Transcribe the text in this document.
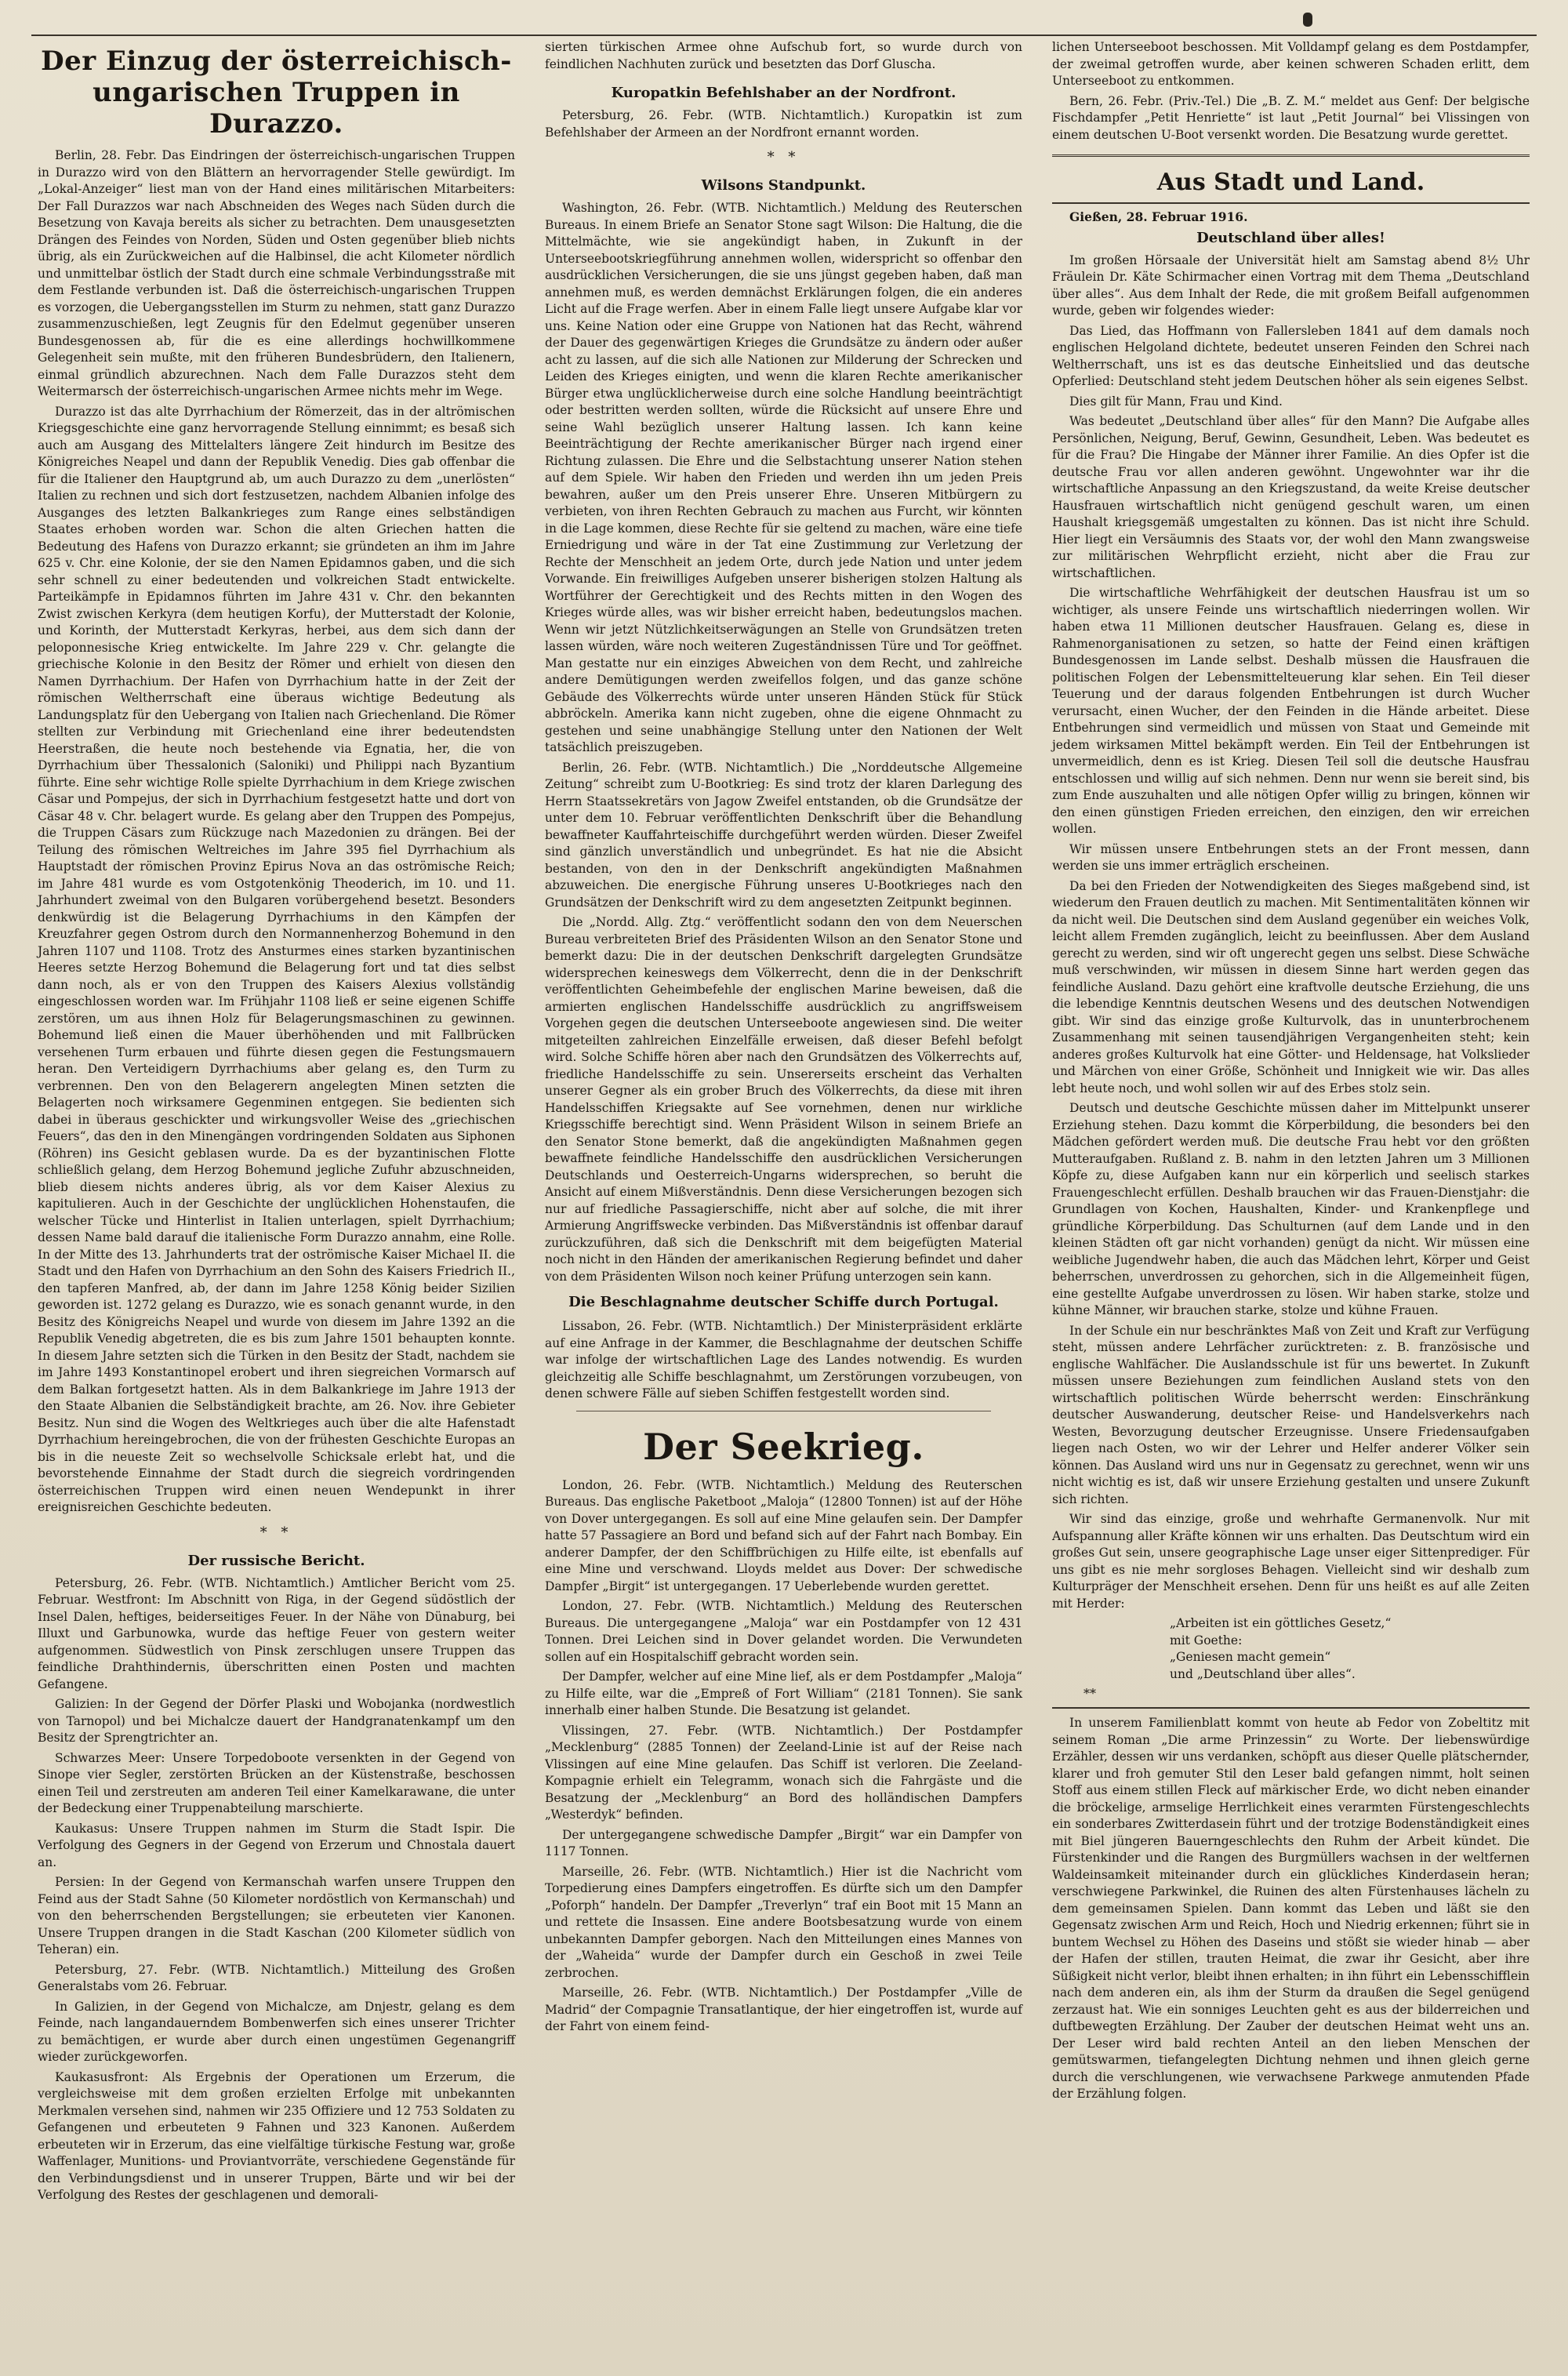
Der Einzug der österreichisch-ungarischen Truppen in Durazzo.

Berlin, 28. Febr. Das Eindringen der österreichisch-ungarischen Truppen in Durazzo wird von den Blättern an hervorragender Stelle gewürdigt. Im „Lokal-Anzeiger“ liest man von der Hand eines militärischen Mitarbeiters: Der Fall Durazzos war nach Abschneiden des Weges nach Süden durch die Besetzung von Kavaja bereits als sicher zu betrachten. Dem unausgesetzten Drängen des Feindes von Norden, Süden und Osten gegenüber blieb nichts übrig, als ein Zurückweichen auf die Halbinsel, die acht Kilometer nördlich und unmittelbar östlich der Stadt durch eine schmale Verbindungsstraße mit dem Festlande verbunden ist. Daß die österreichisch-ungarischen Truppen es vorzogen, die Uebergangsstellen im Sturm zu nehmen, statt ganz Durazzo zusammenzuschießen, legt Zeugnis für den Edelmut gegenüber unseren Bundesgenossen ab, für die es eine allerdings hochwillkommene Gelegenheit sein mußte, mit den früheren Bundesbrüdern, den Italienern, einmal gründlich abzurechnen. Nach dem Falle Durazzos steht dem Weitermarsch der österreichisch-ungarischen Armee nichts mehr im Wege.

Durazzo ist das alte Dyrrhachium der Römerzeit, das in der altrömischen Kriegsgeschichte eine ganz hervorragende Stellung einnimmt; es besaß sich auch am Ausgang des Mittelalters längere Zeit hindurch im Besitze des Königreiches Neapel und dann der Republik Venedig. Dies gab offenbar die für die Italiener den Hauptgrund ab, um auch Durazzo zu dem „unerlösten“ Italien zu rechnen und sich dort festzusetzen, nachdem Albanien infolge des Ausganges des letzten Balkankrieges zum Range eines selbständigen Staates erhoben worden war. Schon die alten Griechen hatten die Bedeutung des Hafens von Durazzo erkannt; sie gründeten an ihm im Jahre 625 v. Chr. eine Kolonie, der sie den Namen Epidamnos gaben, und die sich sehr schnell zu einer bedeutenden und volkreichen Stadt entwickelte. Parteikämpfe in Epidamnos führten im Jahre 431 v. Chr. den bekannten Zwist zwischen Kerkyra (dem heutigen Korfu), der Mutterstadt der Kolonie, und Korinth, der Mutterstadt Kerkyras, herbei, aus dem sich dann der peloponnesische Krieg entwickelte. Im Jahre 229 v. Chr. gelangte die griechische Kolonie in den Besitz der Römer und erhielt von diesen den Namen Dyrrhachium. Der Hafen von Dyrrhachium hatte in der Zeit der römischen Weltherrschaft eine überaus wichtige Bedeutung als Landungsplatz für den Uebergang von Italien nach Griechenland. Die Römer stellten zur Verbindung mit Griechenland eine ihrer bedeutendsten Heerstraßen, die heute noch bestehende via Egnatia, her, die von Dyrrhachium über Thessalonich (Saloniki) und Philippi nach Byzantium führte. Eine sehr wichtige Rolle spielte Dyrrhachium in dem Kriege zwischen Cäsar und Pompejus, der sich in Dyrrhachium festgesetzt hatte und dort von Cäsar 48 v. Chr. belagert wurde. Es gelang aber den Truppen des Pompejus, die Truppen Cäsars zum Rückzuge nach Mazedonien zu drängen. Bei der Teilung des römischen Weltreiches im Jahre 395 fiel Dyrrhachium als Hauptstadt der römischen Provinz Epirus Nova an das oströmische Reich; im Jahre 481 wurde es vom Ostgotenkönig Theoderich, im 10. und 11. Jahrhundert zweimal von den Bulgaren vorübergehend besetzt. Besonders denkwürdig ist die Belagerung Dyrrhachiums in den Kämpfen der Kreuzfahrer gegen Ostrom durch den Normannenherzog Bohemund in den Jahren 1107 und 1108. Trotz des Ansturmes eines starken byzantinischen Heeres setzte Herzog Bohemund die Belagerung fort und tat dies selbst dann noch, als er von den Truppen des Kaisers Alexius vollständig eingeschlossen worden war. Im Frühjahr 1108 ließ er seine eigenen Schiffe zerstören, um aus ihnen Holz für Belagerungsmaschinen zu gewinnen. Bohemund ließ einen die Mauer überhöhenden und mit Fallbrücken versehenen Turm erbauen und führte diesen gegen die Festungsmauern heran. Den Verteidigern Dyrrhachiums aber gelang es, den Turm zu verbrennen. Den von den Belagerern angelegten Minen setzten die Belagerten noch wirksamere Gegenminen entgegen. Sie bedienten sich dabei in überaus geschickter und wirkungsvoller Weise des „griechischen Feuers“, das den in den Minengängen vordringenden Soldaten aus Siphonen (Röhren) ins Gesicht geblasen wurde. Da es der byzantinischen Flotte schließlich gelang, dem Herzog Bohemund jegliche Zufuhr abzuschneiden, blieb diesem nichts anderes übrig, als vor dem Kaiser Alexius zu kapitulieren. Auch in der Geschichte der unglücklichen Hohenstaufen, die welscher Tücke und Hinterlist in Italien unterlagen, spielt Dyrrhachium; dessen Name bald darauf die italienische Form Durazzo annahm, eine Rolle. In der Mitte des 13. Jahrhunderts trat der oströmische Kaiser Michael II. die Stadt und den Hafen von Dyrrhachium an den Sohn des Kaisers Friedrich II., den tapferen Manfred, ab, der dann im Jahre 1258 König beider Sizilien geworden ist. 1272 gelang es Durazzo, wie es sonach genannt wurde, in den Besitz des Königreichs Neapel und wurde von diesem im Jahre 1392 an die Republik Venedig abgetreten, die es bis zum Jahre 1501 behaupten konnte. In diesem Jahre setzten sich die Türken in den Besitz der Stadt, nachdem sie im Jahre 1493 Konstantinopel erobert und ihren siegreichen Vormarsch auf dem Balkan fortgesetzt hatten. Als in dem Balkankriege im Jahre 1913 der den Staate Albanien die Selbständigkeit brachte, am 26. Nov. ihre Gebieter Besitz. Nun sind die Wogen des Weltkrieges auch über die alte Hafenstadt Dyrrhachium hereingebrochen, die von der frühesten Geschichte Europas an bis in die neueste Zeit so wechselvolle Schicksale erlebt hat, und die bevorstehende Einnahme der Stadt durch die siegreich vordringenden österreichischen Truppen wird einen neuen Wendepunkt in ihrer ereignisreichen Geschichte bedeuten.

* *
Der russische Bericht.

Petersburg, 26. Febr. (WTB. Nichtamtlich.) Amtlicher Bericht vom 25. Februar. Westfront: Im Abschnitt von Riga, in der Gegend südöstlich der Insel Dalen, heftiges, beiderseitiges Feuer. In der Nähe von Dünaburg, bei Illuxt und Garbunowka, wurde das heftige Feuer von gestern weiter aufgenommen. Südwestlich von Pinsk zerschlugen unsere Truppen das feindliche Drahthindernis, überschritten einen Posten und machten Gefangene.

Galizien: In der Gegend der Dörfer Plaski und Wobojanka (nordwestlich von Tarnopol) und bei Michalcze dauert der Handgranatenkampf um den Besitz der Sprengtrichter an.

Schwarzes Meer: Unsere Torpedoboote versenkten in der Gegend von Sinope vier Segler, zerstörten Brücken an der Küstenstraße, beschossen einen Teil und zerstreuten am anderen Teil einer Kamelkarawane, die unter der Bedeckung einer Truppenabteilung marschierte.

Kaukasus: Unsere Truppen nahmen im Sturm die Stadt Ispir. Die Verfolgung des Gegners in der Gegend von Erzerum und Chnostala dauert an.

Persien: In der Gegend von Kermanschah warfen unsere Truppen den Feind aus der Stadt Sahne (50 Kilometer nordöstlich von Kermanschah) und von den beherrschenden Bergstellungen; sie erbeuteten vier Kanonen. Unsere Truppen drangen in die Stadt Kaschan (200 Kilometer südlich von Teheran) ein.

Petersburg, 27. Febr. (WTB. Nichtamtlich.) Mitteilung des Großen Generalstabs vom 26. Februar.

In Galizien, in der Gegend von Michalcze, am Dnjestr, gelang es dem Feinde, nach langandauerndem Bombenwerfen sich eines unserer Trichter zu bemächtigen, er wurde aber durch einen ungestümen Gegenangriff wieder zurückgeworfen.

Kaukasusfront: Als Ergebnis der Operationen um Erzerum, die vergleichsweise mit dem großen erzielten Erfolge mit unbekannten Merkmalen versehen sind, nahmen wir 235 Offiziere und 12 753 Soldaten zu Gefangenen und erbeuteten 9 Fahnen und 323 Kanonen. Außerdem erbeuteten wir in Erzerum, das eine vielfältige türkische Festung war, große Waffenlager, Munitions- und Proviantvorräte, verschiedene Gegenstände für den Verbindungsdienst und in unserer Truppen, Bärte und wir bei der Verfolgung des Restes der geschlagenen und demorali-

sierten türkischen Armee ohne Aufschub fort, so wurde durch von feindlichen Nachhuten zurück und besetzten das Dorf Gluscha.

Kuropatkin Befehlshaber an der Nordfront.

Petersburg, 26. Febr. (WTB. Nichtamtlich.) Kuropatkin ist zum Befehlshaber der Armeen an der Nordfront ernannt worden.

* *
Wilsons Standpunkt.

Washington, 26. Febr. (WTB. Nichtamtlich.) Meldung des Reuterschen Bureaus. In einem Briefe an Senator Stone sagt Wilson: Die Haltung, die die Mittelmächte, wie sie angekündigt haben, in Zukunft in der Unterseebootskriegführung annehmen wollen, widerspricht so offenbar den ausdrücklichen Versicherungen, die sie uns jüngst gegeben haben, daß man annehmen muß, es werden demnächst Erklärungen folgen, die ein anderes Licht auf die Frage werfen. Aber in einem Falle liegt unsere Aufgabe klar vor uns. Keine Nation oder eine Gruppe von Nationen hat das Recht, während der Dauer des gegenwärtigen Krieges die Grundsätze zu ändern oder außer acht zu lassen, auf die sich alle Nationen zur Milderung der Schrecken und Leiden des Krieges einigten, und wenn die klaren Rechte amerikanischer Bürger etwa unglücklicherweise durch eine solche Handlung beeinträchtigt oder bestritten werden sollten, würde die Rücksicht auf unsere Ehre und seine Wahl bezüglich unserer Haltung lassen. Ich kann keine Beeinträchtigung der Rechte amerikanischer Bürger nach irgend einer Richtung zulassen. Die Ehre und die Selbstachtung unserer Nation stehen auf dem Spiele. Wir haben den Frieden und werden ihn um jeden Preis bewahren, außer um den Preis unserer Ehre. Unseren Mitbürgern zu verbieten, von ihren Rechten Gebrauch zu machen aus Furcht, wir könnten in die Lage kommen, diese Rechte für sie geltend zu machen, wäre eine tiefe Erniedrigung und wäre in der Tat eine Zustimmung zur Verletzung der Rechte der Menschheit an jedem Orte, durch jede Nation und unter jedem Vorwande. Ein freiwilliges Aufgeben unserer bisherigen stolzen Haltung als Wortführer der Gerechtigkeit und des Rechts mitten in den Wogen des Krieges würde alles, was wir bisher erreicht haben, bedeutungslos machen. Wenn wir jetzt Nützlichkeitserwägungen an Stelle von Grundsätzen treten lassen würden, wäre noch weiteren Zugeständnissen Türe und Tor geöffnet. Man gestatte nur ein einziges Abweichen von dem Recht, und zahlreiche andere Demütigungen werden zweifellos folgen, und das ganze schöne Gebäude des Völkerrechts würde unter unseren Händen Stück für Stück abbröckeln. Amerika kann nicht zugeben, ohne die eigene Ohnmacht zu gestehen und seine unabhängige Stellung unter den Nationen der Welt tatsächlich preiszugeben.

Berlin, 26. Febr. (WTB. Nichtamtlich.) Die „Norddeutsche Allgemeine Zeitung“ schreibt zum U-Bootkrieg: Es sind trotz der klaren Darlegung des Herrn Staatssekretärs von Jagow Zweifel entstanden, ob die Grundsätze der unter dem 10. Februar veröffentlichten Denkschrift über die Behandlung bewaffneter Kauffahrteischiffe durchgeführt werden würden. Dieser Zweifel sind gänzlich unverständlich und unbegründet. Es hat nie die Absicht bestanden, von den in der Denkschrift angekündigten Maßnahmen abzuweichen. Die energische Führung unseres U-Bootkrieges nach den Grundsätzen der Denkschrift wird zu dem angesetzten Zeitpunkt beginnen.

Die „Nordd. Allg. Ztg.“ veröffentlicht sodann den von dem Neuerschen Bureau verbreiteten Brief des Präsidenten Wilson an den Senator Stone und bemerkt dazu: Die in der deutschen Denkschrift dargelegten Grundsätze widersprechen keineswegs dem Völkerrecht, denn die in der Denkschrift veröffentlichten Geheimbefehle der englischen Marine beweisen, daß die armierten englischen Handelsschiffe ausdrücklich zu angriffsweisem Vorgehen gegen die deutschen Unterseeboote angewiesen sind. Die weiter mitgeteilten zahlreichen Einzelfälle erweisen, daß dieser Befehl befolgt wird. Solche Schiffe hören aber nach den Grundsätzen des Völkerrechts auf, friedliche Handelsschiffe zu sein. Unsererseits erscheint das Verhalten unserer Gegner als ein grober Bruch des Völkerrechts, da diese mit ihren Handelsschiffen Kriegsakte auf See vornehmen, denen nur wirkliche Kriegsschiffe berechtigt sind. Wenn Präsident Wilson in seinem Briefe an den Senator Stone bemerkt, daß die angekündigten Maßnahmen gegen bewaffnete feindliche Handelsschiffe den ausdrücklichen Versicherungen Deutschlands und Oesterreich-Ungarns widersprechen, so beruht die Ansicht auf einem Mißverständnis. Denn diese Versicherungen bezogen sich nur auf friedliche Passagierschiffe, nicht aber auf solche, die mit ihrer Armierung Angriffswecke verbinden. Das Mißverständnis ist offenbar darauf zurückzuführen, daß sich die Denkschrift mit dem beigefügten Material noch nicht in den Händen der amerikanischen Regierung befindet und daher von dem Präsidenten Wilson noch keiner Prüfung unterzogen sein kann.

Die Beschlagnahme deutscher Schiffe durch Portugal.

Lissabon, 26. Febr. (WTB. Nichtamtlich.) Der Ministerpräsident erklärte auf eine Anfrage in der Kammer, die Beschlagnahme der deutschen Schiffe war infolge der wirtschaftlichen Lage des Landes notwendig. Es wurden gleichzeitig alle Schiffe beschlagnahmt, um Zerstörungen vorzubeugen, von denen schwere Fälle auf sieben Schiffen festgestellt worden sind.

Der Seekrieg.

London, 26. Febr. (WTB. Nichtamtlich.) Meldung des Reuterschen Bureaus. Das englische Paketboot „Maloja“ (12800 Tonnen) ist auf der Höhe von Dover untergegangen. Es soll auf eine Mine gelaufen sein. Der Dampfer hatte 57 Passagiere an Bord und befand sich auf der Fahrt nach Bombay. Ein anderer Dampfer, der den Schiffbrüchigen zu Hilfe eilte, ist ebenfalls auf eine Mine und verschwand. Lloyds meldet aus Dover: Der schwedische Dampfer „Birgit“ ist untergegangen. 17 Ueberlebende wurden gerettet.

London, 27. Febr. (WTB. Nichtamtlich.) Meldung des Reuterschen Bureaus. Die untergegangene „Maloja“ war ein Postdampfer von 12 431 Tonnen. Drei Leichen sind in Dover gelandet worden. Die Verwundeten sollen auf ein Hospitalschiff gebracht worden sein.

Der Dampfer, welcher auf eine Mine lief, als er dem Postdampfer „Maloja“ zu Hilfe eilte, war die „Empreß of Fort William“ (2181 Tonnen). Sie sank innerhalb einer halben Stunde. Die Besatzung ist gelandet.

Vlissingen, 27. Febr. (WTB. Nichtamtlich.) Der Postdampfer „Mecklenburg“ (2885 Tonnen) der Zeeland-Linie ist auf der Reise nach Vlissingen auf eine Mine gelaufen. Das Schiff ist verloren. Die Zeeland-Kompagnie erhielt ein Telegramm, wonach sich die Fahrgäste und die Besatzung der „Mecklenburg“ an Bord des holländischen Dampfers „Westerdyk“ befinden.

Der untergegangene schwedische Dampfer „Birgit“ war ein Dampfer von 1117 Tonnen.

Marseille, 26. Febr. (WTB. Nichtamtlich.) Hier ist die Nachricht vom Torpedierung eines Dampfers eingetroffen. Es dürfte sich um den Dampfer „Poforph“ handeln. Der Dampfer „Treverlyn“ traf ein Boot mit 15 Mann an und rettete die Insassen. Eine andere Bootsbesatzung wurde von einem unbekannten Dampfer geborgen. Nach den Mitteilungen eines Mannes von der „Waheida“ wurde der Dampfer durch ein Geschoß in zwei Teile zerbrochen.

Marseille, 26. Febr. (WTB. Nichtamtlich.) Der Postdampfer „Ville de Madrid“ der Compagnie Transatlantique, der hier eingetroffen ist, wurde auf der Fahrt von einem feind-

lichen Unterseeboot beschossen. Mit Volldampf gelang es dem Postdampfer, der zweimal getroffen wurde, aber keinen schweren Schaden erlitt, dem Unterseeboot zu entkommen.

Bern, 26. Febr. (Priv.-Tel.) Die „B. Z. M.“ meldet aus Genf: Der belgische Fischdampfer „Petit Henriette“ ist laut „Petit Journal“ bei Vlissingen von einem deutschen U-Boot versenkt worden. Die Besatzung wurde gerettet.

Aus Stadt und Land.

Gießen, 28. Februar 1916.

Deutschland über alles!

Im großen Hörsaale der Universität hielt am Samstag abend 8½ Uhr Fräulein Dr. Käte Schirmacher einen Vortrag mit dem Thema „Deutschland über alles“. Aus dem Inhalt der Rede, die mit großem Beifall aufgenommen wurde, geben wir folgendes wieder:

Das Lied, das Hoffmann von Fallersleben 1841 auf dem damals noch englischen Helgoland dichtete, bedeutet unseren Feinden den Schrei nach Weltherrschaft, uns ist es das deutsche Einheitslied und das deutsche Opferlied: Deutschland steht jedem Deutschen höher als sein eigenes Selbst.

Dies gilt für Mann, Frau und Kind.

Was bedeutet „Deutschland über alles“ für den Mann? Die Aufgabe alles Persönlichen, Neigung, Beruf, Gewinn, Gesundheit, Leben. Was bedeutet es für die Frau? Die Hingabe der Männer ihrer Familie. An dies Opfer ist die deutsche Frau vor allen anderen gewöhnt. Ungewohnter war ihr die wirtschaftliche Anpassung an den Kriegszustand, da weite Kreise deutscher Hausfrauen wirtschaftlich nicht genügend geschult waren, um einen Haushalt kriegsgemäß umgestalten zu können. Das ist nicht ihre Schuld. Hier liegt ein Versäumnis des Staats vor, der wohl den Mann zwangsweise zur militärischen Wehrpflicht erzieht, nicht aber die Frau zur wirtschaftlichen.

Die wirtschaftliche Wehrfähigkeit der deutschen Hausfrau ist um so wichtiger, als unsere Feinde uns wirtschaftlich niederringen wollen. Wir haben etwa 11 Millionen deutscher Hausfrauen. Gelang es, diese in Rahmenorganisationen zu setzen, so hatte der Feind einen kräftigen Bundesgenossen im Lande selbst. Deshalb müssen die Hausfrauen die politischen Folgen der Lebensmittelteuerung klar sehen. Ein Teil dieser Teuerung und der daraus folgenden Entbehrungen ist durch Wucher verursacht, einen Wucher, der den Feinden in die Hände arbeitet. Diese Entbehrungen sind vermeidlich und müssen von Staat und Gemeinde mit jedem wirksamen Mittel bekämpft werden. Ein Teil der Entbehrungen ist unvermeidlich, denn es ist Krieg. Diesen Teil soll die deutsche Hausfrau entschlossen und willig auf sich nehmen. Denn nur wenn sie bereit sind, bis zum Ende auszuhalten und alle nötigen Opfer willig zu bringen, können wir den einen günstigen Frieden erreichen, den einzigen, den wir erreichen wollen.

Wir müssen unsere Entbehrungen stets an der Front messen, dann werden sie uns immer erträglich erscheinen.

Da bei den Frieden der Notwendigkeiten des Sieges maßgebend sind, ist wiederum den Frauen deutlich zu machen. Mit Sentimentalitäten können wir da nicht weil. Die Deutschen sind dem Ausland gegenüber ein weiches Volk, leicht allem Fremden zugänglich, leicht zu beeinflussen. Aber dem Ausland gerecht zu werden, sind wir oft ungerecht gegen uns selbst. Diese Schwäche muß verschwinden, wir müssen in diesem Sinne hart werden gegen das feindliche Ausland. Dazu gehört eine kraftvolle deutsche Erziehung, die uns die lebendige Kenntnis deutschen Wesens und des deutschen Notwendigen gibt. Wir sind das einzige große Kulturvolk, das in ununterbrochenem Zusammenhang mit seinen tausendjährigen Vergangenheiten steht; kein anderes großes Kulturvolk hat eine Götter- und Heldensage, hat Volkslieder und Märchen von einer Größe, Schönheit und Innigkeit wie wir. Das alles lebt heute noch, und wohl sollen wir auf des Erbes stolz sein.

Deutsch und deutsche Geschichte müssen daher im Mittelpunkt unserer Erziehung stehen. Dazu kommt die Körperbildung, die besonders bei den Mädchen gefördert werden muß. Die deutsche Frau hebt vor den größten Mutteraufgaben. Rußland z. B. nahm in den letzten Jahren um 3 Millionen Köpfe zu, diese Aufgaben kann nur ein körperlich und seelisch starkes Frauengeschlecht erfüllen. Deshalb brauchen wir das Frauen-Dienstjahr: die Grundlagen von Kochen, Haushalten, Kinder- und Krankenpflege und gründliche Körperbildung. Das Schulturnen (auf dem Lande und in den kleinen Städten oft gar nicht vorhanden) genügt da nicht. Wir müssen eine weibliche Jugendwehr haben, die auch das Mädchen lehrt, Körper und Geist beherrschen, unverdrossen zu gehorchen, sich in die Allgemeinheit fügen, eine gestellte Aufgabe unverdrossen zu lösen. Wir haben starke, stolze und kühne Männer, wir brauchen starke, stolze und kühne Frauen.

In der Schule ein nur beschränktes Maß von Zeit und Kraft zur Verfügung steht, müssen andere Lehrfächer zurücktreten: z. B. französische und englische Wahlfächer. Die Auslandsschule ist für uns bewertet. In Zukunft müssen unsere Beziehungen zum feindlichen Ausland stets von den wirtschaftlich politischen Würde beherrscht werden: Einschränkung deutscher Auswanderung, deutscher Reise- und Handelsverkehrs nach Westen, Bevorzugung deutscher Erzeugnisse. Unsere Friedensaufgaben liegen nach Osten, wo wir der Lehrer und Helfer anderer Völker sein können. Das Ausland wird uns nur in Gegensatz zu gerechnet, wenn wir uns nicht wichtig es ist, daß wir unsere Erziehung gestalten und unsere Zukunft sich richten.

Wir sind das einzige, große und wehrhafte Germanenvolk. Nur mit Aufspannung aller Kräfte können wir uns erhalten. Das Deutschtum wird ein großes Gut sein, unsere geographische Lage unser eiger Sittenprediger. Für uns gibt es nie mehr sorgloses Behagen. Vielleicht sind wir deshalb zum Kulturpräger der Menschheit ersehen. Denn für uns heißt es auf alle Zeiten mit Herder:

„Arbeiten ist ein göttliches Gesetz,“
mit Goethe:
„Geniesen macht gemein“
und „Deutschland über alles“.
**

In unserem Familienblatt kommt von heute ab Fedor von Zobeltitz mit seinem Roman „Die arme Prinzessin“ zu Worte. Der liebenswürdige Erzähler, dessen wir uns verdanken, schöpft aus dieser Quelle plätschernder, klarer und froh gemuter Stil den Leser bald gefangen nimmt, holt seinen Stoff aus einem stillen Fleck auf märkischer Erde, wo dicht neben einander die bröckelige, armselige Herrlichkeit eines verarmten Fürstengeschlechts ein sonderbares Zwitterdasein führt und der trotzige Bodenständigkeit eines mit Biel jüngeren Bauerngeschlechts den Ruhm der Arbeit kündet. Die Fürstenkinder und die Rangen des Burgmüllers wachsen in der weltfernen Waldeinsamkeit miteinander durch ein glückliches Kinderdasein heran; verschwiegene Parkwinkel, die Ruinen des alten Fürstenhauses lächeln zu dem gemeinsamen Spielen. Dann kommt das Leben und läßt sie den Gegensatz zwischen Arm und Reich, Hoch und Niedrig erkennen; führt sie in buntem Wechsel zu Höhen des Daseins und stößt sie wieder hinab — aber der Hafen der stillen, trauten Heimat, die zwar ihr Gesicht, aber ihre Süßigkeit nicht verlor, bleibt ihnen erhalten; in ihn führt ein Lebensschifflein nach dem anderen ein, als ihm der Sturm da draußen die Segel genügend zerzaust hat. Wie ein sonniges Leuchten geht es aus der bilderreichen und duftbewegten Erzählung. Der Zauber der deutschen Heimat weht uns an. Der Leser wird bald rechten Anteil an den lieben Menschen der gemütswarmen, tiefangelegten Dichtung nehmen und ihnen gleich gerne durch die verschlungenen, wie verwachsene Parkwege anmutenden Pfade der Erzählung folgen.
